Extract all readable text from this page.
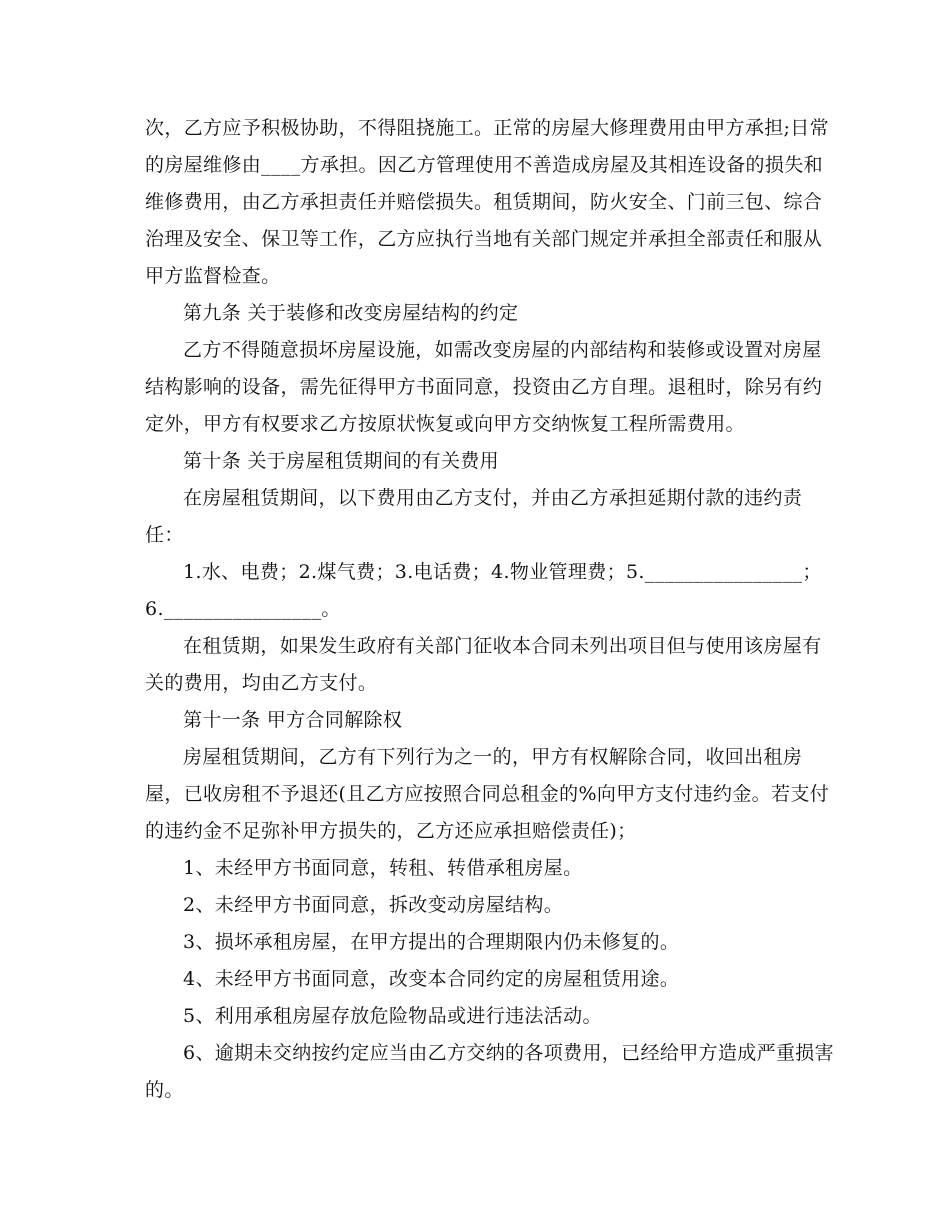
次，乙方应予积极协助，不得阻挠施工。正常的房屋大修理费用由甲方承担;日常
的房屋维修由____方承担。因乙方管理使用不善造成房屋及其相连设备的损失和
维修费用，由乙方承担责任并赔偿损失。租赁期间，防火安全、门前三包、综合
治理及安全、保卫等工作，乙方应执行当地有关部门规定并承担全部责任和服从
甲方监督检查。
第九条 关于装修和改变房屋结构的约定
乙方不得随意损坏房屋设施，如需改变房屋的内部结构和装修或设置对房屋
结构影响的设备，需先征得甲方书面同意，投资由乙方自理。退租时，除另有约
定外，甲方有权要求乙方按原状恢复或向甲方交纳恢复工程所需费用。
第十条 关于房屋租赁期间的有关费用
在房屋租赁期间，以下费用由乙方支付，并由乙方承担延期付款的违约责
任：
1.水、电费；2.煤气费；3.电话费；4.物业管理费；5.________________；
6.________________。
在租赁期，如果发生政府有关部门征收本合同未列出项目但与使用该房屋有
关的费用，均由乙方支付。
第十一条 甲方合同解除权
房屋租赁期间，乙方有下列行为之一的，甲方有权解除合同，收回出租房
屋，已收房租不予退还(且乙方应按照合同总租金的%向甲方支付违约金。若支付
的违约金不足弥补甲方损失的，乙方还应承担赔偿责任)；
1、未经甲方书面同意，转租、转借承租房屋。
2、未经甲方书面同意，拆改变动房屋结构。
3、损坏承租房屋，在甲方提出的合理期限内仍未修复的。
4、未经甲方书面同意，改变本合同约定的房屋租赁用途。
5、利用承租房屋存放危险物品或进行违法活动。
6、逾期未交纳按约定应当由乙方交纳的各项费用，已经给甲方造成严重损害
的。
